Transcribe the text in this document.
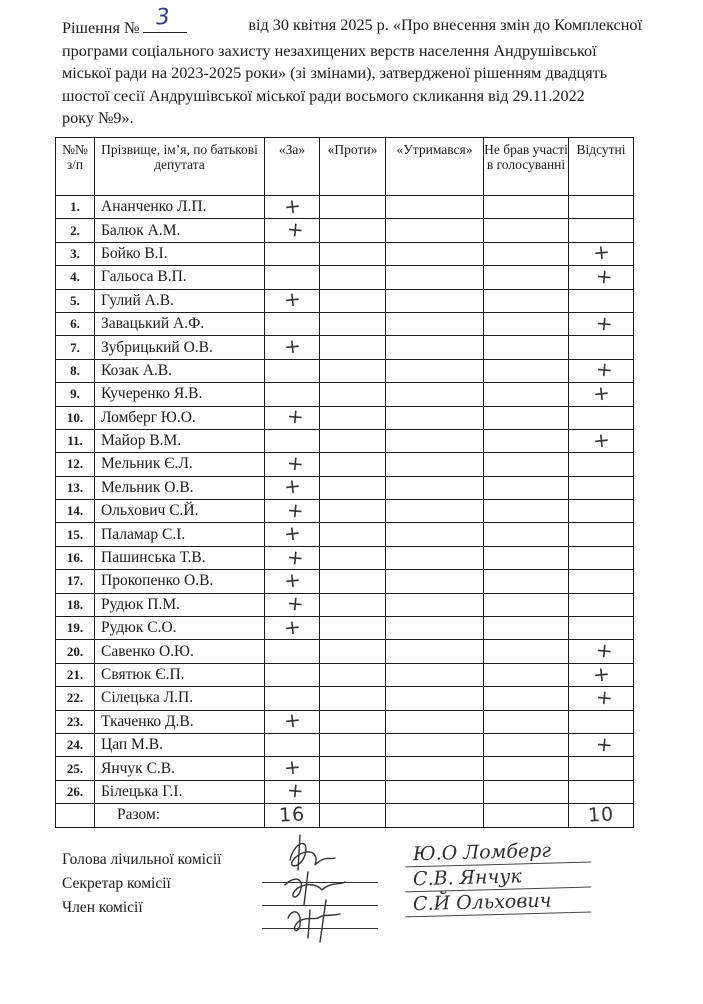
Рішення № 3	від 30 квітня 2025 р. «Про внесення змін до Комплексної
програми соціального захисту незахищених верств населення Андрушівської
міської ради на 2023-2025 роки» (зі змінами), затвердженої рішенням двадцять
шостої сесії Андрушівської міської ради восьмого скликання від 29.11.2022
року №9».
№№ з/п	Прізвище, ім’я, по батькові депутата	«За»	«Проти»	«Утримався»	Не брав участі в голосуванні	Відсутні
1.	Ананченко Л.П.	+				
2.	Балюк А.М.	+				
3.	Бойко В.І.					+
4.	Гальоса В.П.					+
5.	Гулий А.В.	+				
6.	Завацький А.Ф.					+
7.	Зубрицький О.В.	+				
8.	Козак А.В.					+
9.	Кучеренко Я.В.					+
10.	Ломберг Ю.О.	+				
11.	Майор В.М.					+
12.	Мельник Є.Л.	+				
13.	Мельник О.В.	+				
14.	Ольхович С.Й.	+				
15.	Паламар С.І.	+				
16.	Пашинська Т.В.	+				
17.	Прокопенко О.В.	+				
18.	Рудюк П.М.	+				
19.	Рудюк С.О.	+				
20.	Савенко О.Ю.					+
21.	Святюк Є.П.					+
22.	Сілецька Л.П.					+
23.	Ткаченко Д.В.	+				
24.	Цап М.В.					+
25.	Янчук С.В.	+				
26.	Білецька Г.І.	+				
	Разом:	16				10
Голова лічильної комісії
Секретар комісії
Член комісії
Ю.О Ломберг
С.В. Янчук
С.Й Ольхович
